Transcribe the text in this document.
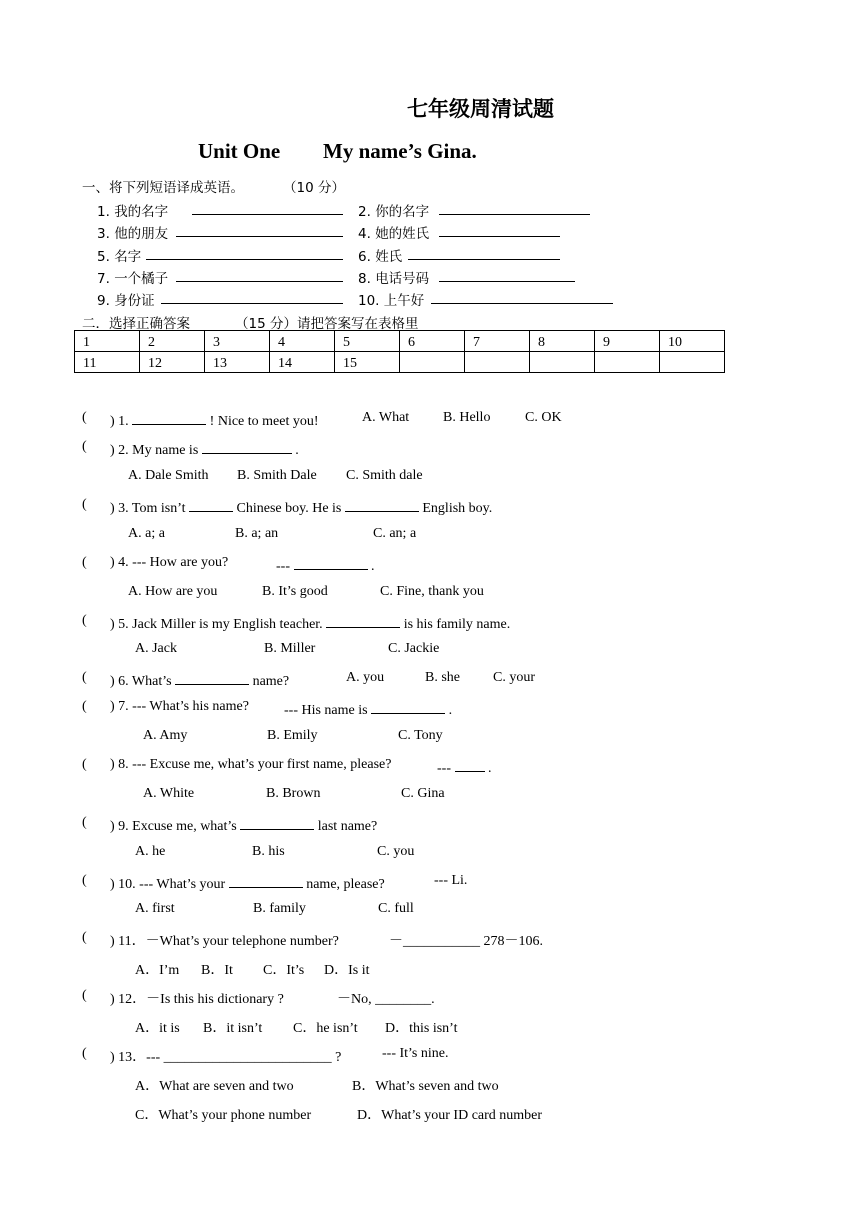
七年级周清试题
Unit One My name’s Gina.
一、将下列短语译成英语。	（10 分）
1. 我的名字	2. 你的名字
3. 他的朋友	4. 她的姓氏
5. 名字	6. 姓氏
7. 一个橘子	8. 电话号码
9. 身份证	10. 上午好
二．选择正确答案	（15 分）请把答案写在表格里
1	2	3	4	5	6	7	8	9	10
11	12	13	14	15					
( ) 1.	! Nice to meet you!	A. What B. Hello C. OK
( ) 2. My name is	.
A. Dale Smith B. Smith Dale C. Smith dale
( ) 3. Tom isn’t	Chinese boy. He is	English boy.
A. a; a	B. a; an	C. an; a
( ) 4. --- How are you?	---	.
A. How are you	B. It’s good	C. Fine, thank you
( ) 5. Jack Miller is my English teacher.	is his family name.
A. Jack	B. Miller	C. Jackie
( ) 6. What’s	name?	A. you	B. she C. your
( ) 7. --- What’s his name?	--- His name is	.
A. Amy	B. Emily	C. Tony
( ) 8. --- Excuse me, what’s your first name, please?	---	.
A. White	B. Brown	C. Gina
( ) 9. Excuse me, what’s	last name?
A. he	B. his	C. you
( ) 10. --- What’s your	name, please?	--- Li.
A. first	B. family	C. full
( ) 11．－What’s your telephone number?	－___________ 278－106.
A．I’m B．It C．It’s D．Is it
( ) 12．－Is this his dictionary ?	－No, ________.
A．it is B．it isn’t C．he isn’t D．this isn’t
( ) 13．--- ________________________ ?	--- It’s nine.
A．What are seven and two	B．What’s seven and two
C．What’s your phone number	D．What’s your ID card number
